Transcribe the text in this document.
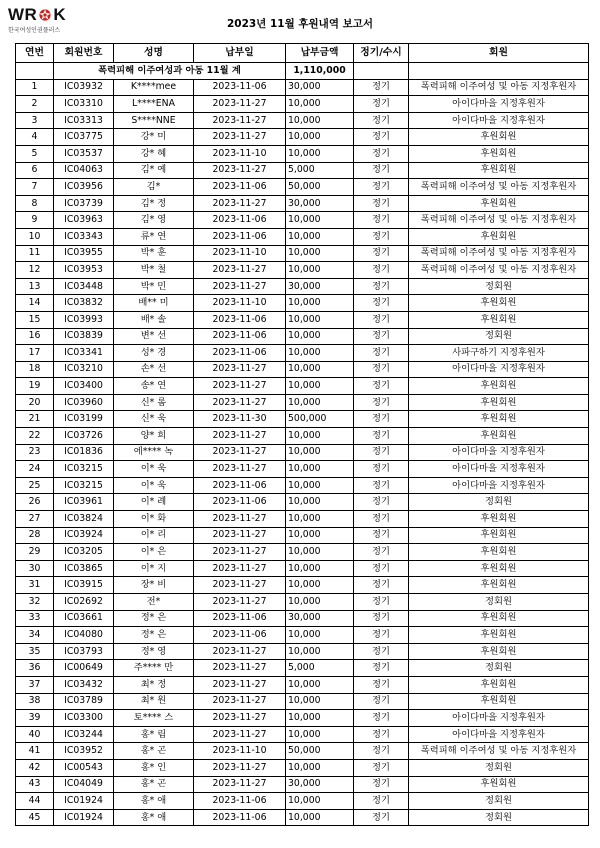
WR K
한국여성인권플러스
2023년 11월 후원내역 보고서
연번	회원번호	성명	납부일	납부금액	정기/수시	회원
	폭력피해 이주여성과 아동 11월 계			1,110,000		
1	IC03932	K****mee	2023-11-06	30,000	정기	폭력피해 이주여성 및 아동 지정후원자
2	IC03310	L****ENA	2023-11-27	10,000	정기	아이다마을 지정후원자
3	IC03313	S****NNE	2023-11-27	10,000	정기	아이다마을 지정후원자
4	IC03775	강* 미	2023-11-27	10,000	정기	후원회원
5	IC03537	강* 혜	2023-11-10	10,000	정기	후원회원
6	IC04063	김* 예	2023-11-27	5,000	정기	후원회원
7	IC03956	김*	2023-11-06	50,000	정기	폭력피해 이주여성 및 아동 지정후원자
8	IC03739	김* 정	2023-11-27	30,000	정기	후원회원
9	IC03963	김* 영	2023-11-06	10,000	정기	폭력피해 이주여성 및 아동 지정후원자
10	IC03343	류* 연	2023-11-06	10,000	정기	후원회원
11	IC03955	박* 훈	2023-11-10	10,000	정기	폭력피해 이주여성 및 아동 지정후원자
12	IC03953	박* 철	2023-11-27	10,000	정기	폭력피해 이주여성 및 아동 지정후원자
13	IC03448	박* 민	2023-11-27	30,000	정기	정회원
14	IC03832	배** 미	2023-11-10	10,000	정기	후원회원
15	IC03993	배* 솔	2023-11-06	10,000	정기	후원회원
16	IC03839	변* 선	2023-11-06	10,000	정기	정회원
17	IC03341	성* 경	2023-11-06	10,000	정기	사파구하기 지정후원자
18	IC03210	손* 선	2023-11-27	10,000	정기	아이다마을 지정후원자
19	IC03400	송* 연	2023-11-27	10,000	정기	후원회원
20	IC03960	신* 롬	2023-11-27	10,000	정기	후원회원
21	IC03199	신* 욱	2023-11-30	500,000	정기	후원회원
22	IC03726	양* 희	2023-11-27	10,000	정기	후원회원
23	IC01836	에**** 녹	2023-11-27	10,000	정기	아이다마을 지정후원자
24	IC03215	이* 욱	2023-11-27	10,000	정기	아이다마을 지정후원자
25	IC03215	이* 욱	2023-11-06	10,000	정기	아이다마을 지정후원자
26	IC03961	이* 례	2023-11-06	10,000	정기	정회원
27	IC03824	이* 화	2023-11-27	10,000	정기	후원회원
28	IC03924	이* 리	2023-11-27	10,000	정기	후원회원
29	IC03205	이* 은	2023-11-27	10,000	정기	후원회원
30	IC03865	이* 지	2023-11-27	10,000	정기	후원회원
31	IC03915	장* 비	2023-11-27	10,000	정기	후원회원
32	IC02692	전*	2023-11-27	10,000	정기	정회원
33	IC03661	정* 은	2023-11-06	30,000	정기	후원회원
34	IC04080	정* 은	2023-11-06	10,000	정기	후원회원
35	IC03793	정* 영	2023-11-27	10,000	정기	후원회원
36	IC00649	주**** 만	2023-11-27	5,000	정기	정회원
37	IC03432	최* 정	2023-11-27	10,000	정기	후원회원
38	IC03789	최* 원	2023-11-27	10,000	정기	후원회원
39	IC03300	토**** 스	2023-11-27	10,000	정기	아이다마을 지정후원자
40	IC03244	홍* 림	2023-11-27	10,000	정기	아이다마을 지정후원자
41	IC03952	홍* 곤	2023-11-10	50,000	정기	폭력피해 이주여성 및 아동 지정후원자
42	IC00543	홍* 인	2023-11-27	10,000	정기	정회원
43	IC04049	홍* 곤	2023-11-27	30,000	정기	후원회원
44	IC01924	홍* 애	2023-11-06	10,000	정기	정회원
45	IC01924	홍* 애	2023-11-06	10,000	정기	정회원
